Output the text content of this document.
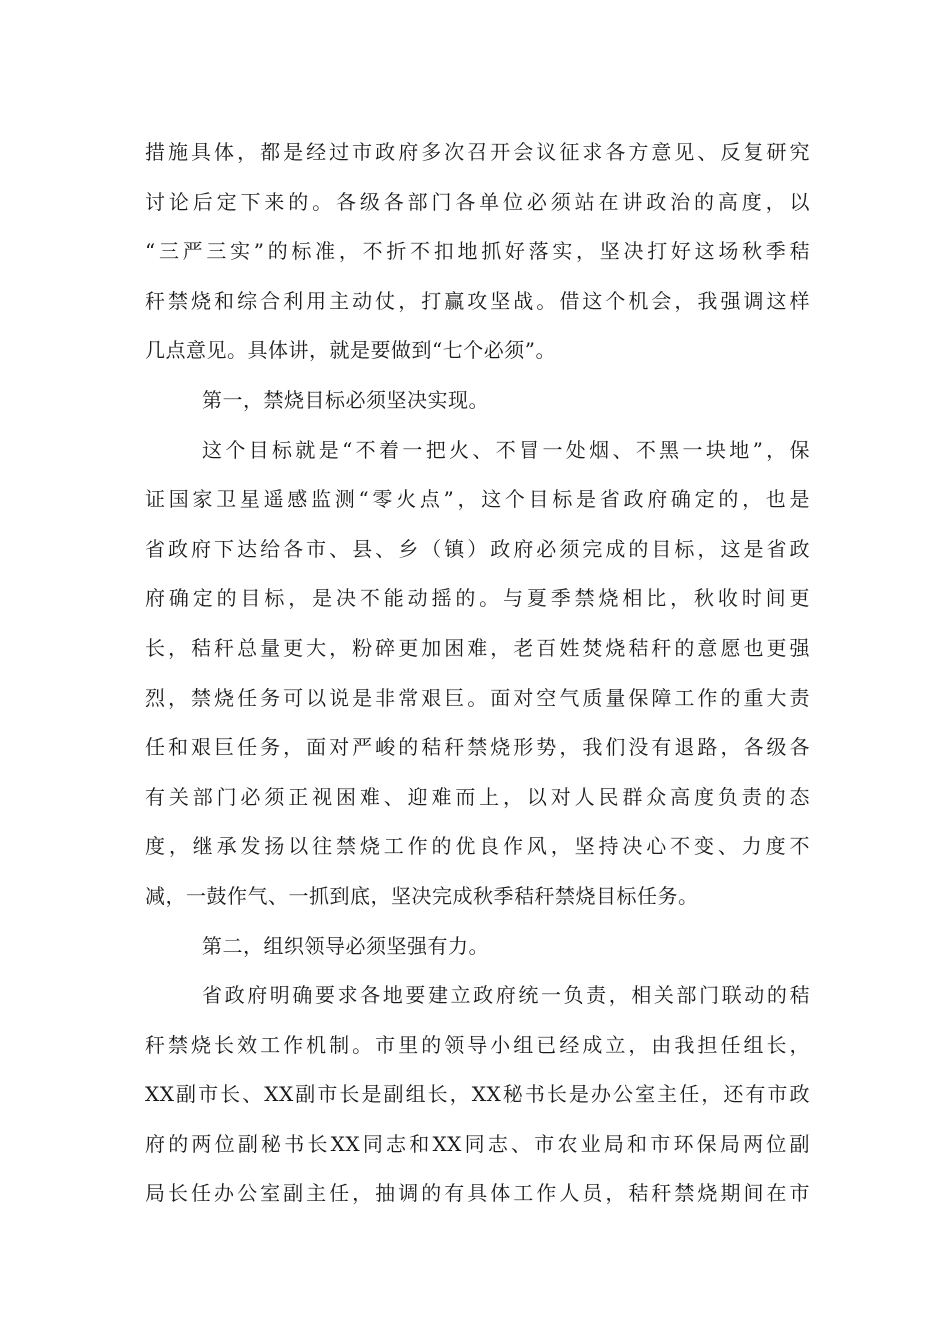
措施具体，都是经过市政府多次召开会议征求各方意见、反复研究
讨论后定下来的。各级各部门各单位必须站在讲政治的高度，以
“三严三实”的标准，不折不扣地抓好落实，坚决打好这场秋季秸
秆禁烧和综合利用主动仗，打赢攻坚战。借这个机会，我强调这样
几点意见。具体讲，就是要做到“七个必须”。
第一，禁烧目标必须坚决实现。
这个目标就是“不着一把火、不冒一处烟、不黑一块地”，保
证国家卫星遥感监测“零火点”，这个目标是省政府确定的，也是
省政府下达给各市、县、乡（镇）政府必须完成的目标，这是省政
府确定的目标，是决不能动摇的。与夏季禁烧相比，秋收时间更
长，秸秆总量更大，粉碎更加困难，老百姓焚烧秸秆的意愿也更强
烈，禁烧任务可以说是非常艰巨。面对空气质量保障工作的重大责
任和艰巨任务，面对严峻的秸秆禁烧形势，我们没有退路，各级各
有关部门必须正视困难、迎难而上，以对人民群众高度负责的态
度，继承发扬以往禁烧工作的优良作风，坚持决心不变、力度不
减，一鼓作气、一抓到底，坚决完成秋季秸秆禁烧目标任务。
第二，组织领导必须坚强有力。
省政府明确要求各地要建立政府统一负责，相关部门联动的秸
秆禁烧长效工作机制。市里的领导小组已经成立，由我担任组长，
XX副市长、XX副市长是副组长，XX秘书长是办公室主任，还有市政
府的两位副秘书长XX同志和XX同志、市农业局和市环保局两位副
局长任办公室副主任，抽调的有具体工作人员，秸秆禁烧期间在市
